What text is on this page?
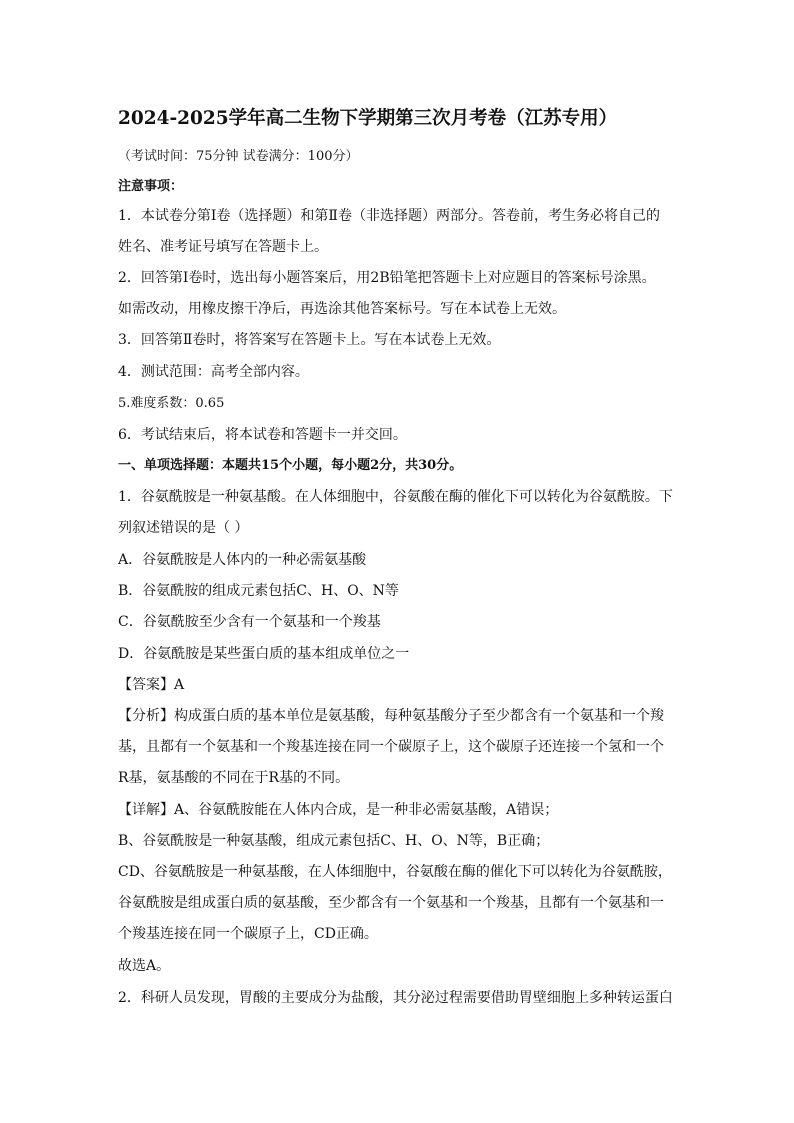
2024-2025学年高二生物下学期第三次月考卷（江苏专用）
（考试时间：75分钟 试卷满分：100分）
注意事项：
1．本试卷分第Ⅰ卷（选择题）和第Ⅱ卷（非选择题）两部分。答卷前，考生务必将自己的
姓名、准考证号填写在答题卡上。
2．回答第Ⅰ卷时，选出每小题答案后，用2B铅笔把答题卡上对应题目的答案标号涂黑。
如需改动，用橡皮擦干净后，再选涂其他答案标号。写在本试卷上无效。
3．回答第Ⅱ卷时，将答案写在答题卡上。写在本试卷上无效。
4．测试范围：高考全部内容。
5.难度系数：0.65
6．考试结束后，将本试卷和答题卡一并交回。
一、单项选择题：本题共15个小题，每小题2分，共30分。
1．谷氨酰胺是一种氨基酸。在人体细胞中，谷氨酸在酶的催化下可以转化为谷氨酰胺。下
列叙述错误的是（ ）
A．谷氨酰胺是人体内的一种必需氨基酸
B．谷氨酰胺的组成元素包括C、H、O、N等
C．谷氨酰胺至少含有一个氨基和一个羧基
D．谷氨酰胺是某些蛋白质的基本组成单位之一
【答案】A
【分析】构成蛋白质的基本单位是氨基酸，每种氨基酸分子至少都含有一个氨基和一个羧
基，且都有一个氨基和一个羧基连接在同一个碳原子上，这个碳原子还连接一个氢和一个
R基，氨基酸的不同在于R基的不同。
【详解】A、谷氨酰胺能在人体内合成，是一种非必需氨基酸，A错误；
B、谷氨酰胺是一种氨基酸，组成元素包括C、H、O、N等，B正确；
CD、谷氨酰胺是一种氨基酸，在人体细胞中，谷氨酸在酶的催化下可以转化为谷氨酰胺，
谷氨酰胺是组成蛋白质的氨基酸，至少都含有一个氨基和一个羧基，且都有一个氨基和一
个羧基连接在同一个碳原子上，CD正确。
故选A。
2．科研人员发现，胃酸的主要成分为盐酸，其分泌过程需要借助胃壁细胞上多种转运蛋白
